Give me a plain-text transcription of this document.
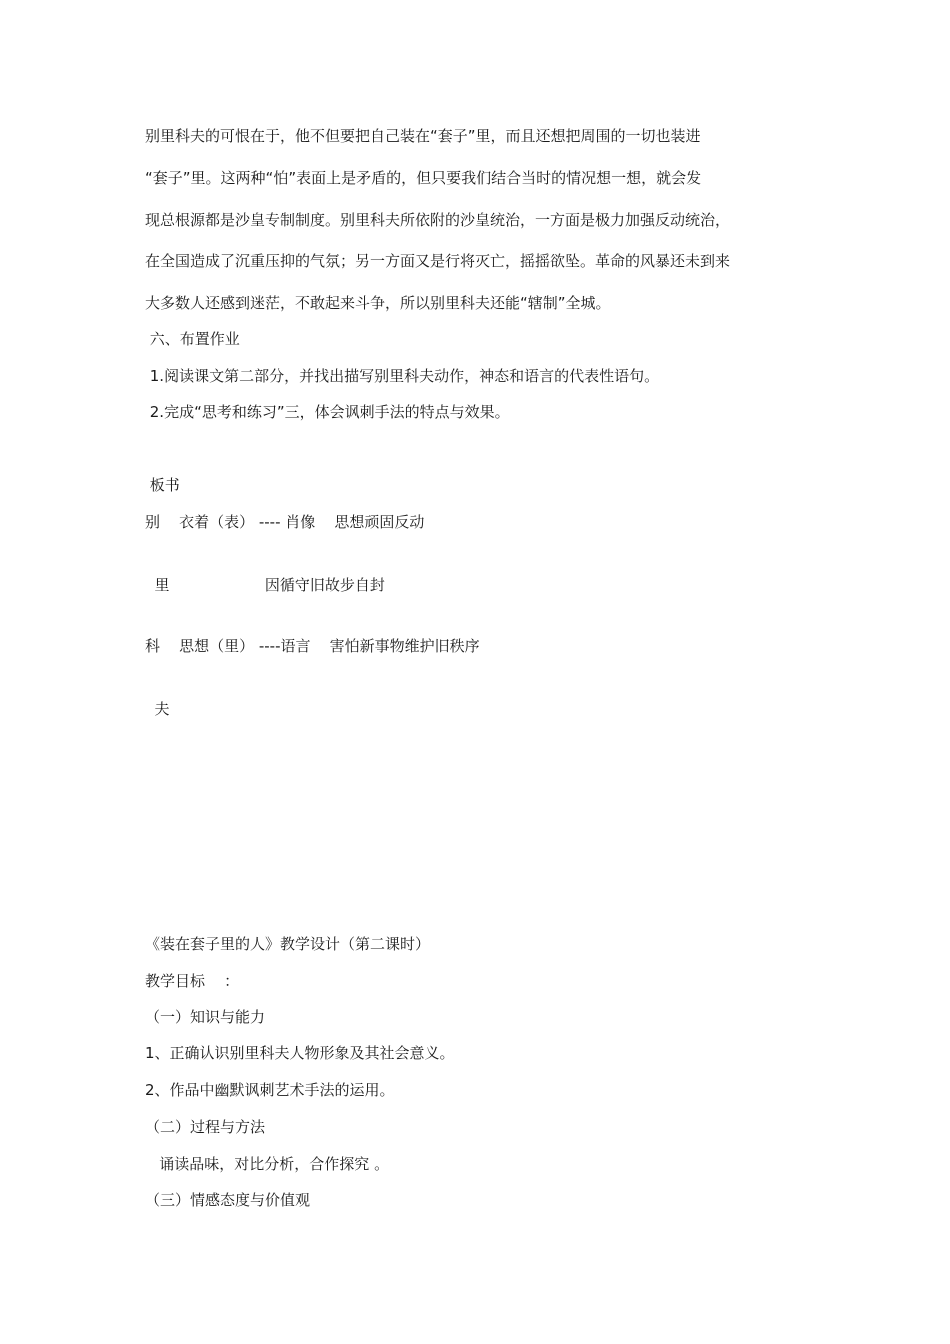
别里科夫的可恨在于，他不但要把自己装在“套子”里，而且还想把周围的一切也装进
“套子”里。这两种“怕”表面上是矛盾的，但只要我们结合当时的情况想一想，就会发
现总根源都是沙皇专制制度。别里科夫所依附的沙皇统治，一方面是极力加强反动统治，
在全国造成了沉重压抑的气氛；另一方面又是行将灭亡，摇摇欲坠。革命的风暴还未到来
大多数人还感到迷茫，不敢起来斗争，所以别里科夫还能“辖制”全城。
六、布置作业
1.阅读课文第二部分，并找出描写别里科夫动作，神态和语言的代表性语句。
2.完成“思考和练习”三，体会讽刺手法的特点与效果。
板书
别    衣着（表） ---- 肖像    思想顽固反动
里                    因循守旧故步自封
科    思想（里） ----语言    害怕新事物维护旧秩序
夫
《装在套子里的人》教学设计（第二课时）
教学目标    ：
（一）知识与能力
1、正确认识别里科夫人物形象及其社会意义。
2、作品中幽默讽刺艺术手法的运用。
（二）过程与方法
诵读品味，对比分析，合作探究 。
（三）情感态度与价值观
